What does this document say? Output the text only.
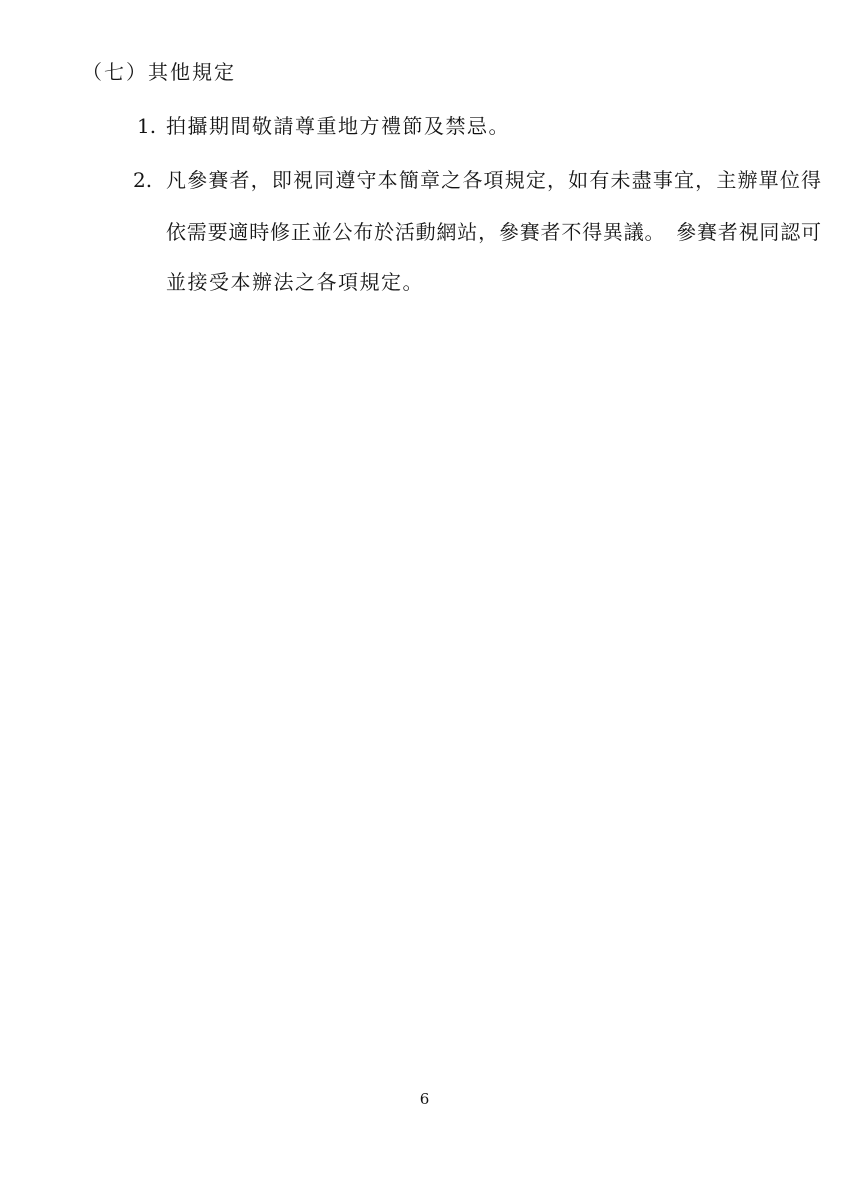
（七）其他規定
1. 拍攝期間敬請尊重地方禮節及禁忌。
2. 凡參賽者，即視同遵守本簡章之各項規定，如有未盡事宜，主辦單位得
依需要適時修正並公布於活動網站，參賽者不得異議。　參賽者視同認可
並接受本辦法之各項規定。
6
